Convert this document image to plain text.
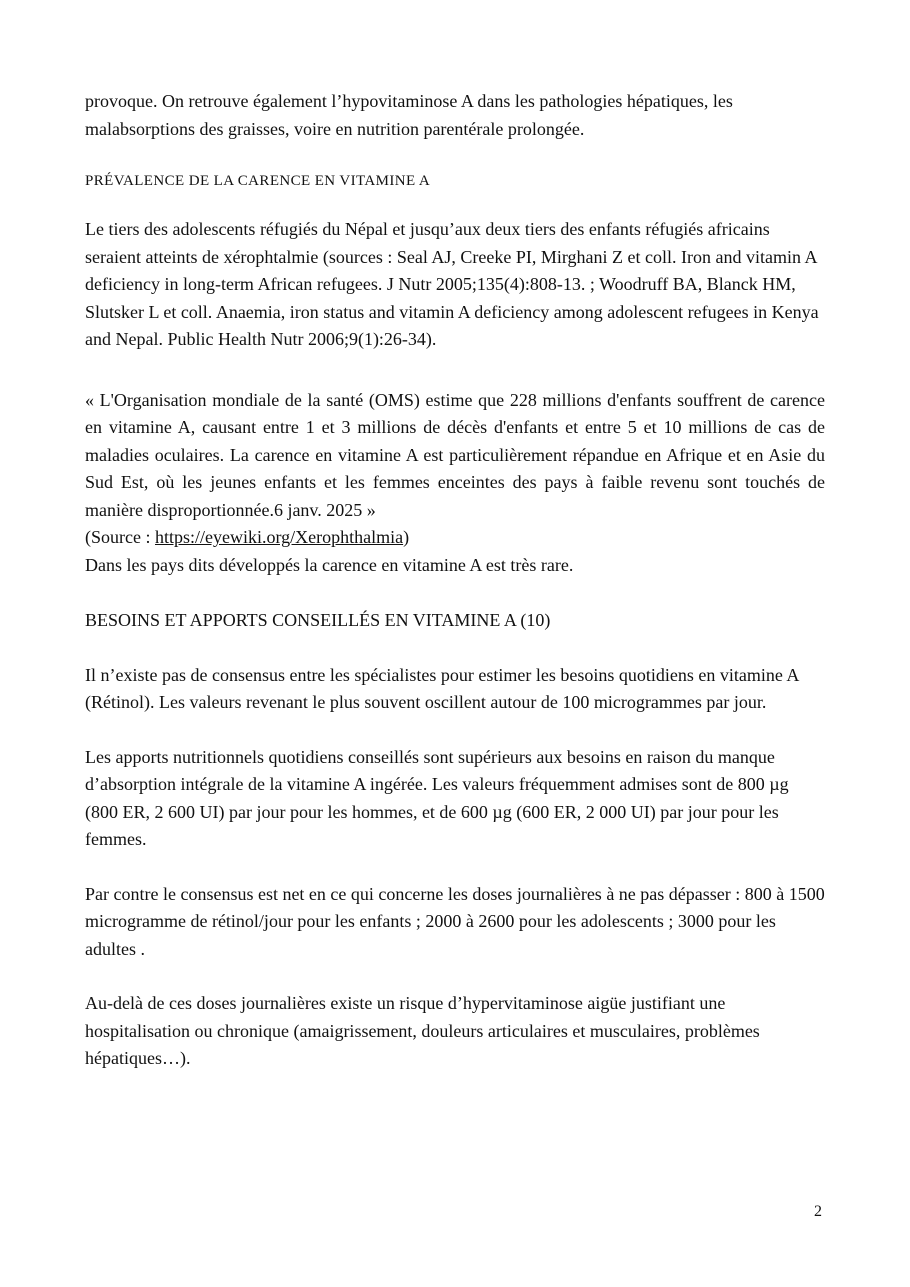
provoque. On retrouve également l’hypovitaminose A dans les pathologies hépatiques, les malabsorptions des graisses, voire en nutrition parentérale prolongée.

PRÉVALENCE DE LA CARENCE EN VITAMINE A

Le tiers des adolescents réfugiés du Népal et jusqu’aux deux tiers des enfants réfugiés africains seraient atteints de xérophtalmie (sources : Seal AJ, Creeke PI, Mirghani Z et coll. Iron and vitamin A deficiency in long-term African refugees. J Nutr 2005;135(4):808-13. ; Woodruff BA, Blanck HM, Slutsker L et coll. Anaemia, iron status and vitamin A deficiency among adolescent refugees in Kenya and Nepal. Public Health Nutr 2006;9(1):26-34).

« L'Organisation mondiale de la santé (OMS) estime que 228 millions d'enfants souffrent de carence en vitamine A, causant entre 1 et 3 millions de décès d'enfants et entre 5 et 10 millions de cas de maladies oculaires. La carence en vitamine A est particulièrement répandue en Afrique et en Asie du Sud Est, où les jeunes enfants et les femmes enceintes des pays à faible revenu sont touchés de manière disproportionnée.6 janv. 2025 »

(Source : https://eyewiki.org/Xerophthalmia)

Dans les pays dits développés la carence en vitamine A est très rare.

BESOINS ET APPORTS CONSEILLÉS EN VITAMINE A (10)

Il n’existe pas de consensus entre les spécialistes pour estimer les besoins quotidiens en vitamine A (Rétinol). Les valeurs revenant le plus souvent oscillent autour de 100 microgrammes par jour.

Les apports nutritionnels quotidiens conseillés sont supérieurs aux besoins en raison du manque d’absorption intégrale de la vitamine A ingérée. Les valeurs fréquemment admises sont de 800 µg (800 ER, 2 600 UI) par jour pour les hommes, et de 600 µg (600 ER, 2 000 UI) par jour pour les femmes.

Par contre le consensus est net en ce qui concerne les doses journalières à ne pas dépasser : 800 à 1500 microgramme de rétinol/jour pour les enfants ; 2000 à 2600 pour les adolescents ; 3000 pour les adultes .

Au-delà de ces doses journalières existe un risque d’hypervitaminose aigüe justifiant une hospitalisation ou chronique (amaigrissement, douleurs articulaires et musculaires, problèmes hépatiques…).

2
